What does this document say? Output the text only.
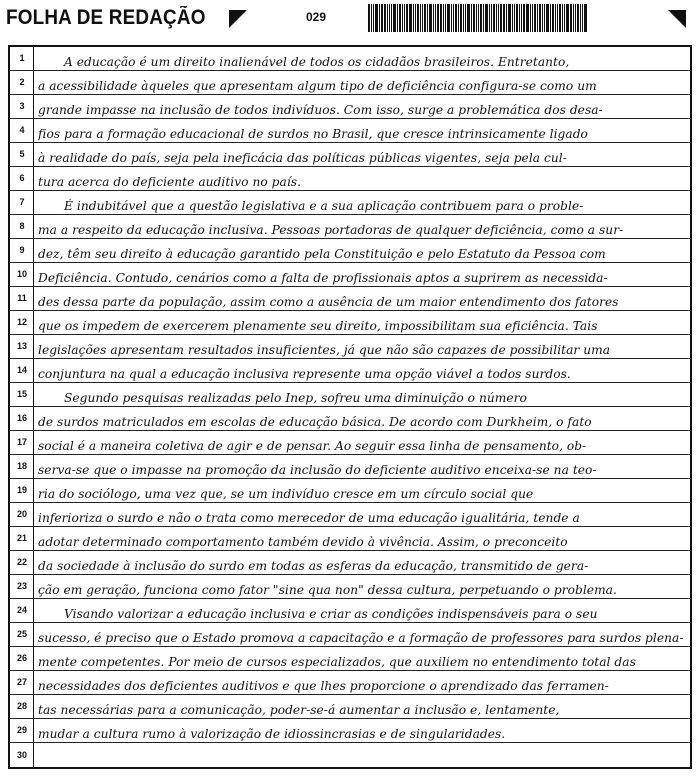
FOLHA DE REDAÇÃO	029
1	A educação é um direito inalienável de todos os cidadãos brasileiros. Entretanto,
2	a acessibilidade àqueles que apresentam algum tipo de deficiência configura-se como um
3	grande impasse na inclusão de todos indivíduos. Com isso, surge a problemática dos desa-
4	fios para a formação educacional de surdos no Brasil, que cresce intrinsicamente ligado
5	à realidade do país, seja pela ineficácia das políticas públicas vigentes, seja pela cul-
6	tura acerca do deficiente auditivo no país.
7	É indubitável que a questão legislativa e a sua aplicação contribuem para o proble-
8	ma a respeito da educação inclusiva. Pessoas portadoras de qualquer deficiência, como a sur-
9	dez, têm seu direito à educação garantido pela Constituição e pelo Estatuto da Pessoa com
10 Deficiência. Contudo, cenários como a falta de profissionais aptos a suprirem as necessida-
11 des dessa parte da população, assim como a ausência de um maior entendimento dos fatores
12 que os impedem de exercerem plenamente seu direito, impossibilitam sua eficiência. Tais
13 legislações apresentam resultados insuficientes, já que não são capazes de possibilitar uma
14 conjuntura na qual a educação inclusiva represente uma opção viável a todos surdos.
15	Segundo pesquisas realizadas pelo Inep, sofreu uma diminuição o número
16 de surdos matriculados em escolas de educação básica. De acordo com Durkheim, o fato
17 social é a maneira coletiva de agir e de pensar. Ao seguir essa linha de pensamento, ob-
18 serva-se que o impasse na promoção da inclusão do deficiente auditivo enceixa-se na teo-
19 ria do sociólogo, uma vez que, se um indivíduo cresce em um círculo social que
20 inferioriza o surdo e não o trata como merecedor de uma educação igualitária, tende a
21 adotar determinado comportamento também devido à vivência. Assim, o preconceito
22 da sociedade à inclusão do surdo em todas as esferas da educação, transmitido de gera-
23 ção em geração, funciona como fator "sine qua non" dessa cultura, perpetuando o problema.
24	Visando valorizar a educação inclusiva e criar as condições indispensáveis para o seu
25 sucesso, é preciso que o Estado promova a capacitação e a formação de professores para surdos plena-
26 mente competentes. Por meio de cursos especializados, que auxiliem no entendimento total das
27 necessidades dos deficientes auditivos e que lhes proporcione o aprendizado das ferramen-
28 tas necessárias para a comunicação, poder-se-á aumentar a inclusão e, lentamente,
29 mudar a cultura rumo à valorização de idiossincrasias e de singularidades.
30
